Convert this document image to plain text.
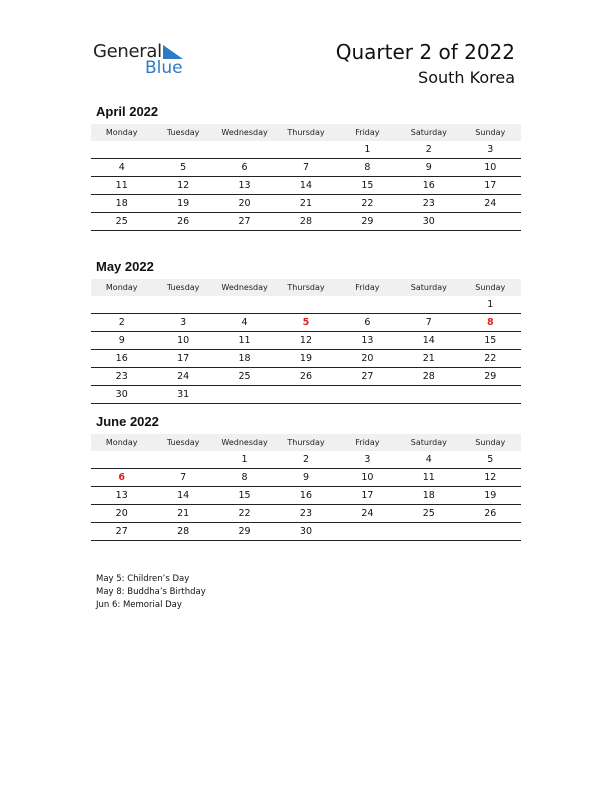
General
Blue
Quarter 2 of 2022
South Korea
April 2022
Monday	Tuesday	Wednesday	Thursday	Friday	Saturday	Sunday
				1	2	3
4	5	6	7	8	9	10
11	12	13	14	15	16	17
18	19	20	21	22	23	24
25	26	27	28	29	30	
May 2022
Monday	Tuesday	Wednesday	Thursday	Friday	Saturday	Sunday
						1
2	3	4	5	6	7	8
9	10	11	12	13	14	15
16	17	18	19	20	21	22
23	24	25	26	27	28	29
30	31					
June 2022
Monday	Tuesday	Wednesday	Thursday	Friday	Saturday	Sunday
		1	2	3	4	5
6	7	8	9	10	11	12
13	14	15	16	17	18	19
20	21	22	23	24	25	26
27	28	29	30			
May 5: Children’s Day
May 8: Buddha’s Birthday
Jun 6: Memorial Day
